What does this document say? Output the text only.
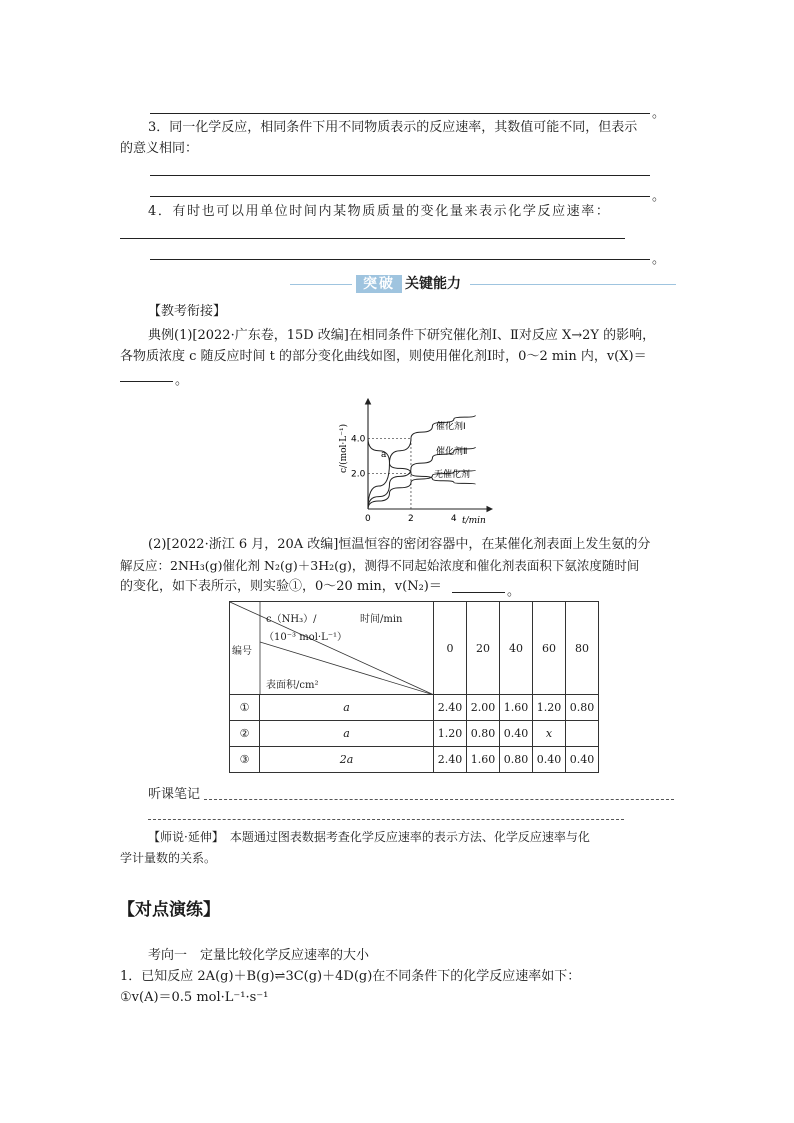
。
3．同一化学反应，相同条件下用不同物质表示的反应速率，其数值可能不同，但表示
的意义相同：
。
4．有时也可以用单位时间内某物质质量的变化量来表示化学反应速率：
。
突破 关键能力
【教考衔接】
典例(1)[2022·广东卷，15D 改编]在相同条件下研究催化剂Ⅰ、Ⅱ对反应 X→2Y 的影响，
各物质浓度 c 随反应时间 t 的部分变化曲线如图，则使用催化剂Ⅰ时，0～2 min 内，v(X)＝
。
0	2	4
2.0
4.0
c/(mol·L⁻¹)
t/min
a
催化剂Ⅰ
催化剂Ⅱ
无催化剂
(2)[2022·浙江 6 月，20A 改编]恒温恒容的密闭容器中，在某催化剂表面上发生氨的分
解反应：2NH₃(g)催化剂 N₂(g)＋3H₂(g)，测得不同起始浓度和催化剂表面积下氨浓度随时间
的变化，如下表所示，则实验①，0～20 min，v(N₂)＝	。
c（NH₃）/
（10⁻³ mol·L⁻¹）
时间/min
编号
表面积/cm²		0	20	40	60	80
①	a	2.40	2.00	1.60	1.20	0.80
②	a	1.20	0.80	0.40	x	
③	2a	2.40	1.60	0.80	0.40	0.40
听课笔记
【师说·延伸】　本题通过图表数据考查化学反应速率的表示方法、化学反应速率与化
学计量数的关系。
【对点演练】
考向一　定量比较化学反应速率的大小
1．已知反应 2A(g)＋B(g)⇌3C(g)＋4D(g)在不同条件下的化学反应速率如下：
①v(A)＝0.5 mol·L⁻¹·s⁻¹
